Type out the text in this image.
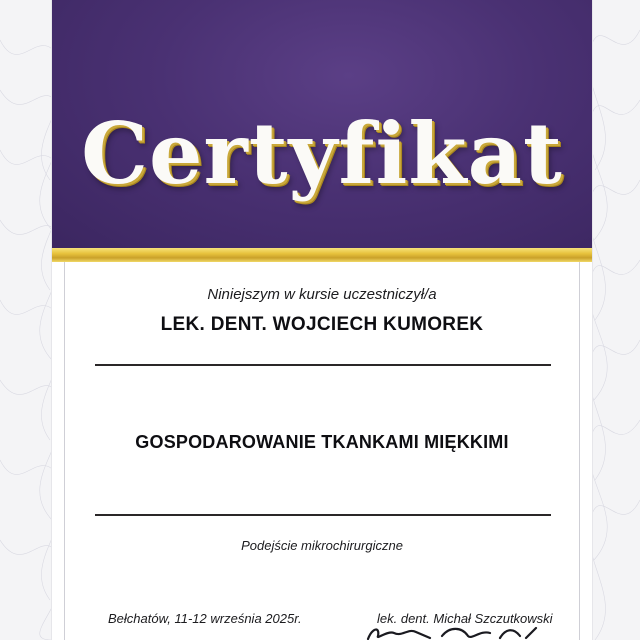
Certyfikat
Niniejszym w kursie uczestniczył/a
LEK. DENT. WOJCIECH KUMOREK
GOSPODAROWANIE TKANKAMI MIĘKKIMI
Podejście mikrochirurgiczne
Bełchatów, 11-12 września 2025r.	lek. dent. Michał Szczutkowski
